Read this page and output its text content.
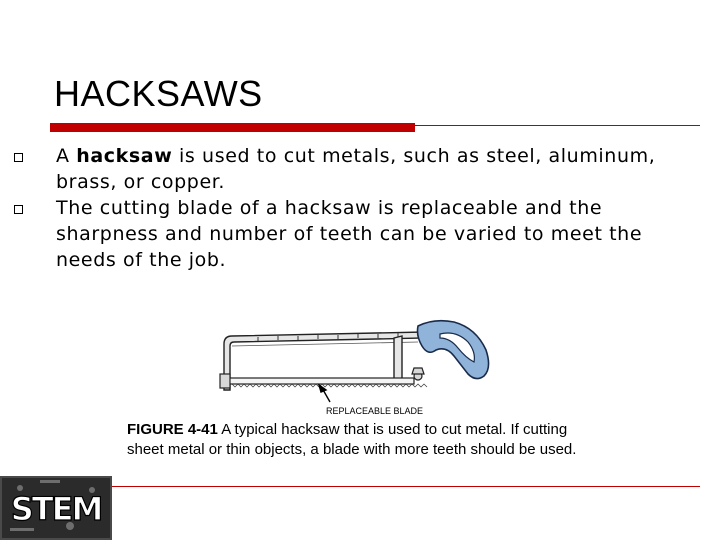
HACKSAWS
A hacksaw is used to cut metals, such as steel, aluminum, brass, or copper.
The cutting blade of a hacksaw is replaceable and the sharpness and number of teeth can be varied to meet the needs of the job.
REPLACEABLE BLADE
FIGURE 4-41 A typical hacksaw that is used to cut metal. If cutting sheet metal or thin objects, a blade with more teeth should be used.
STEM
